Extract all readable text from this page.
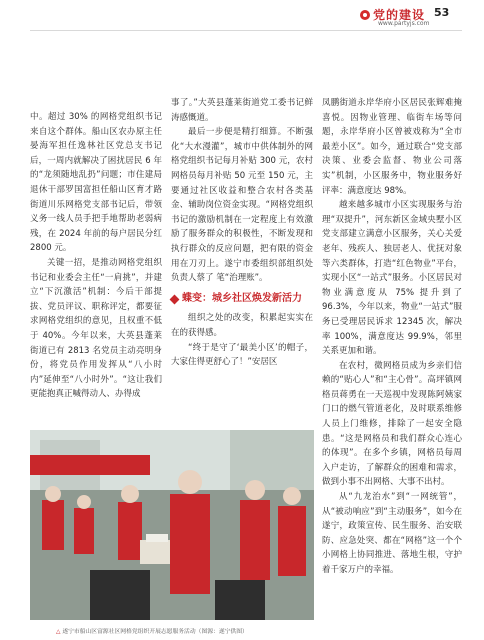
党的建设
www.partyjs.com
53

中。超过 30% 的网格党组织书记来自这个群体。船山区农办原主任晏海军担任逸林社区党总支书记后，一周内就解决了困扰居民 6 年的“龙须随地乱扔”问题；市住建局退休干部罗国富担任船山区育才路街道川乐网格党支部书记后，带领义务一线人员手把手地帮助老弱病残，在 2024 年前的每户居民分红 2800 元。

关键一招，是推动网格党组织书记和业委会主任“一肩挑”，并建立“下沉激活”机制：今后干部提拔、党员评议、职称评定，都要征求网格党组织的意见，且权重不低于 40%。今年以来，大英县蓬莱街道已有 2813 名党员主动亮明身份，将党员作用发挥从“八小时内”延伸至“八小时外”。“这让我们更能抱真正喊得动人、办得成

事了。”大英县蓬莱街道党工委书记鲜涛感慨道。

最后一步便是精打细算。不断强化“大水漫灌”，城市中供体制外的网格党组织书记每月补贴 300 元，农村网格员每月补贴 50 元至 150 元，主要通过社区收益和整合农村各类基金、辅助岗位资金实现。“网格党组织书记的激励机制在一定程度上有效激励了服务群众的积极性，不断发现和执行群众的反应问题，把有限的资金用在刀刃上。遂宁市委组织部组织处负责人蔡了 笔“治理账”。

蝶变：城乡社区焕发新活力

组织之处的改变，积累起实实在在的获得感。

“终于是守了‘最美小区’的帽子，大家住得更舒心了！”安居区

凤鹏街道永岸华府小区居民张辉难掩喜悦。因物业管理、临街车场等问题，永岸华府小区曾被戏称为“全市最差小区”。如今，通过联合“党支部决策、业委会监督、物业公司落实”机制，小区服务中，物业服务好评率：满意度达 98%。

越来越多城市小区实现服务与治理“双提升”，河东新区金域央墅小区党支部建立满意小区服务，关心关爱老年、残疾人、独居老人、优抚对象等六类群体，打造“红色物业”平台，实现小区“一站式”服务。小区居民对物业满意度从 75% 提升到了 96.3%，今年以来，物业“一站式”服务已受理居民诉求 12345 次，解决率 100%，满意度达 99.9%，邻里关系更加和谐。

在农村，微网格员成为乡亲们信赖的“贴心人”和“主心骨”。高坪镇网格员蒋勇在一天巡视中发现陈阿姨家门口的燃气管道老化，及时联系维修人员上门维修，排除了一起安全隐患。“这是网格员和我们群众心连心的体现”。在多个乡镇，网格员每周入户走访，了解群众的困难和需求，做到小事不出网格、大事不出村。

从“九龙治水”到“一网统管”，从“被动响应”到“主动服务”，如今在遂宁，政策宣传、民生服务、治安联防、应急处突、都在“网格”这一个个小网格上协同推进、落地生根，守护着千家万户的幸福。

△ 遂宁市船山区富源社区网格党组织开展志愿服务活动（图源：遂宁供图）
